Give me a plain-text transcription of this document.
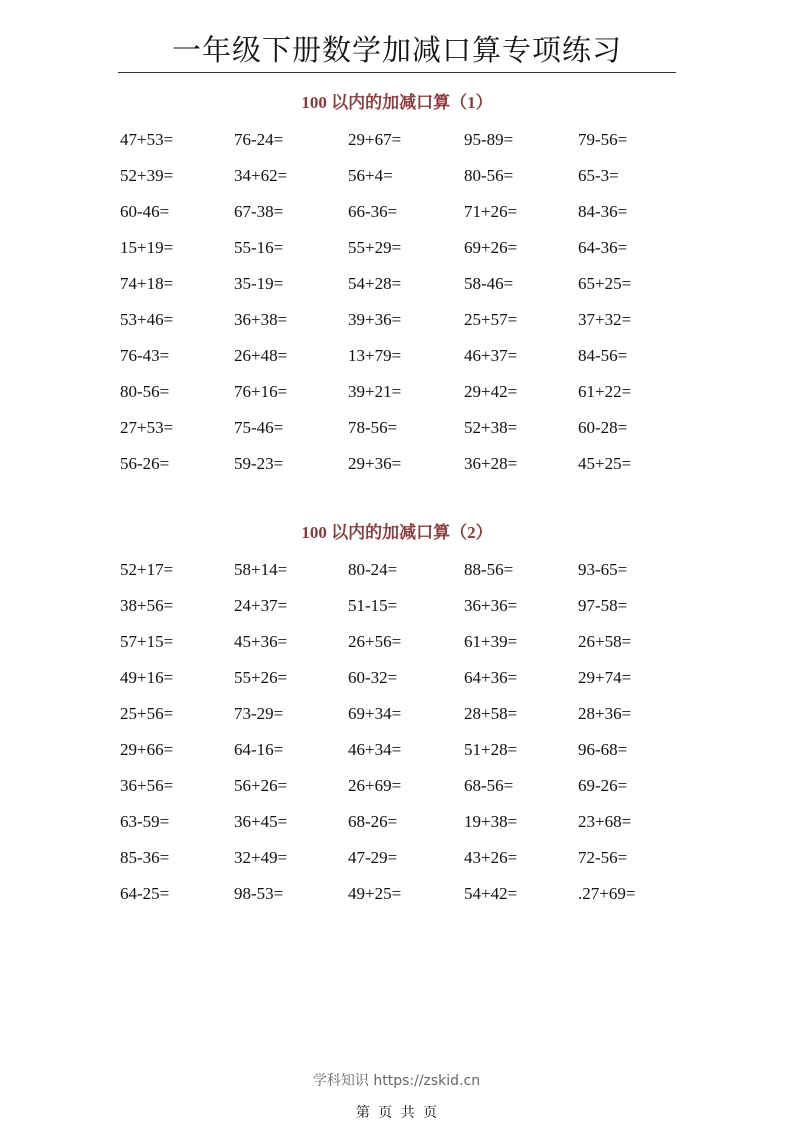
一年级下册数学加减口算专项练习
100 以内的加减口算（1）
47+53=	76-24=	29+67=	95-89=	79-56=
52+39=	34+62=	56+4=	80-56=	65-3=
60-46=	67-38=	66-36=	71+26=	84-36=
15+19=	55-16=	55+29=	69+26=	64-36=
74+18=	35-19=	54+28=	58-46=	65+25=
53+46=	36+38=	39+36=	25+57=	37+32=
76-43=	26+48=	13+79=	46+37=	84-56=
80-56=	76+16=	39+21=	29+42=	61+22=
27+53=	75-46=	78-56=	52+38=	60-28=
56-26=	59-23=	29+36=	36+28=	45+25=
100 以内的加减口算（2）
52+17=	58+14=	80-24=	88-56=	93-65=
38+56=	24+37=	51-15=	36+36=	97-58=
57+15=	45+36=	26+56=	61+39=	26+58=
49+16=	55+26=	60-32=	64+36=	29+74=
25+56=	73-29=	69+34=	28+58=	28+36=
29+66=	64-16=	46+34=	51+28=	96-68=
36+56=	56+26=	26+69=	68-56=	69-26=
63-59=	36+45=	68-26=	19+38=	23+68=
85-36=	32+49=	47-29=	43+26=	72-56=
64-25=	98-53=	49+25=	54+42=	.27+69=
学科知识 https://zskid.cn
第 页 共 页
